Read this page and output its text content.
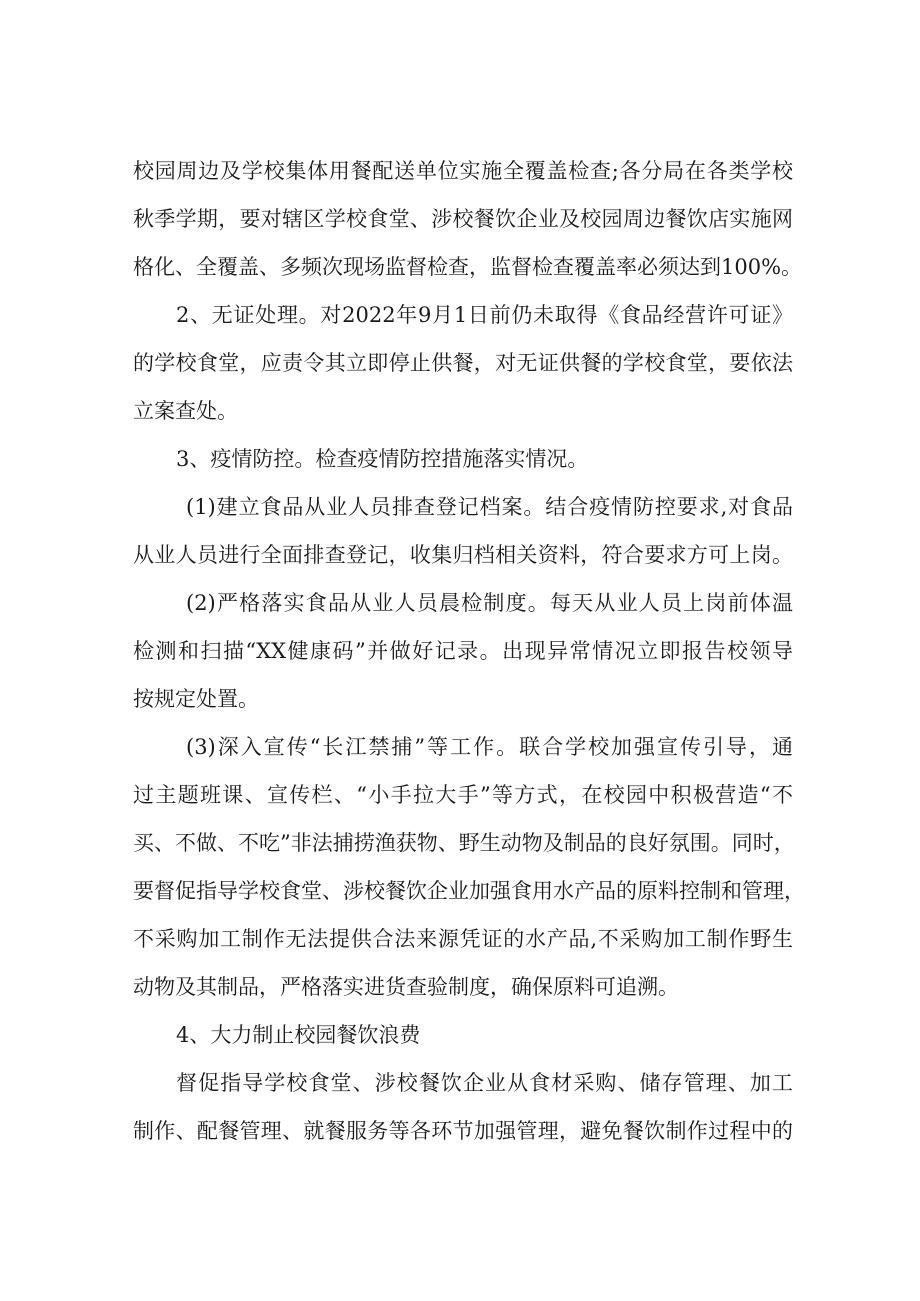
校园周边及学校集体用餐配送单位实施全覆盖检查;各分局在各类学校
秋季学期，要对辖区学校食堂、涉校餐饮企业及校园周边餐饮店实施网
格化、全覆盖、多频次现场监督检查，监督检查覆盖率必须达到100%。
2、无证处理。对2022年9月1日前仍未取得《食品经营许可证》
的学校食堂，应责令其立即停止供餐，对无证供餐的学校食堂，要依法
立案查处。
3、疫情防控。检查疫情防控措施落实情况。
(1)建立食品从业人员排查登记档案。结合疫情防控要求,对食品
从业人员进行全面排查登记，收集归档相关资料，符合要求方可上岗。
(2)严格落实食品从业人员晨检制度。每天从业人员上岗前体温
检测和扫描“XX健康码”并做好记录。出现异常情况立即报告校领导
按规定处置。
(3)深入宣传“长江禁捕”等工作。联合学校加强宣传引导，通
过主题班课、宣传栏、“小手拉大手”等方式，在校园中积极营造“不
买、不做、不吃”非法捕捞渔获物、野生动物及制品的良好氛围。同时，
要督促指导学校食堂、涉校餐饮企业加强食用水产品的原料控制和管理，
不采购加工制作无法提供合法来源凭证的水产品,不采购加工制作野生
动物及其制品，严格落实进货查验制度，确保原料可追溯。
4、大力制止校园餐饮浪费
督促指导学校食堂、涉校餐饮企业从食材采购、储存管理、加工
制作、配餐管理、就餐服务等各环节加强管理，避免餐饮制作过程中的
